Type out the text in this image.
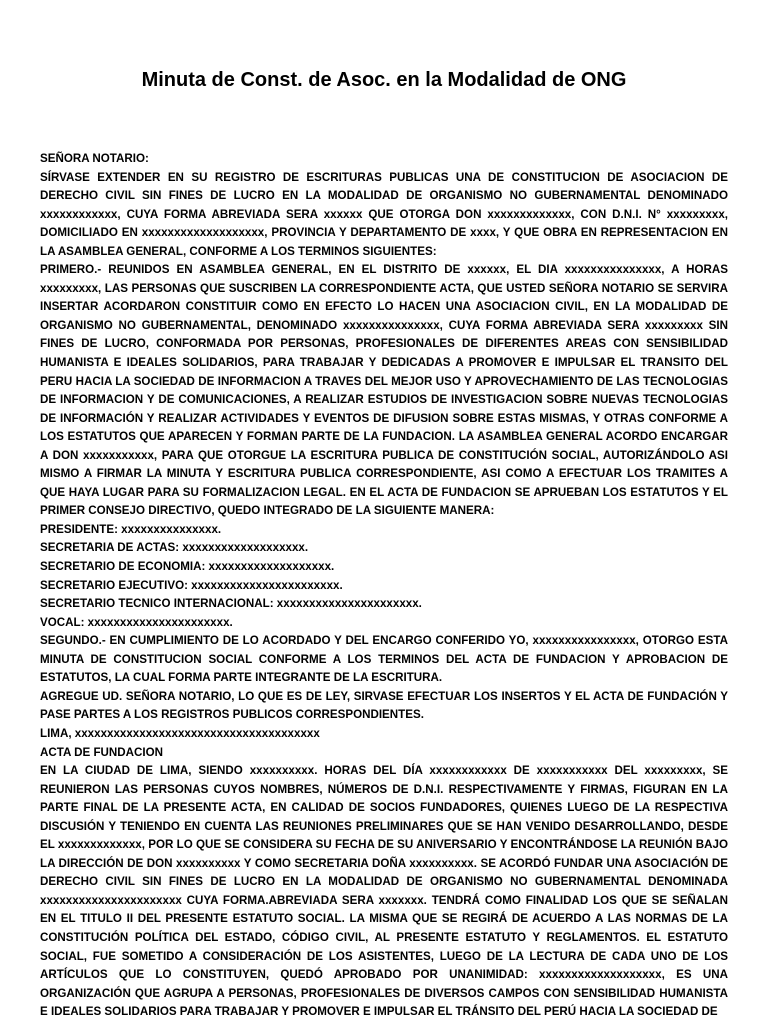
Minuta de Const. de Asoc. en la Modalidad de ONG

SEÑORA NOTARIO:

SÍRVASE EXTENDER EN SU REGISTRO DE ESCRITURAS PUBLICAS UNA DE CONSTITUCION DE ASOCIACION DE DERECHO CIVIL SIN FINES DE LUCRO EN LA MODALIDAD DE ORGANISMO NO GUBERNAMENTAL DENOMINADO xxxxxxxxxxxx, CUYA FORMA ABREVIADA SERA xxxxxx QUE OTORGA DON xxxxxxxxxxxxx, CON D.N.I. N° xxxxxxxxx, DOMICILIADO EN xxxxxxxxxxxxxxxxxxx, PROVINCIA Y DEPARTAMENTO DE xxxx, Y QUE OBRA EN REPRESENTACION EN LA ASAMBLEA GENERAL, CONFORME A LOS TERMINOS SIGUIENTES:

PRIMERO.- REUNIDOS EN ASAMBLEA GENERAL, EN EL DISTRITO DE xxxxxx, EL DIA xxxxxxxxxxxxxxx, A HORAS xxxxxxxxx, LAS PERSONAS QUE SUSCRIBEN LA CORRESPONDIENTE ACTA, QUE USTED SEÑORA NOTARIO SE SERVIRA INSERTAR ACORDARON CONSTITUIR COMO EN EFECTO LO HACEN UNA ASOCIACION CIVIL, EN LA MODALIDAD DE ORGANISMO NO GUBERNAMENTAL, DENOMINADO xxxxxxxxxxxxxxx, CUYA FORMA ABREVIADA SERA xxxxxxxxx SIN FINES DE LUCRO, CONFORMADA POR PERSONAS, PROFESIONALES DE DIFERENTES AREAS CON SENSIBILIDAD HUMANISTA E IDEALES SOLIDARIOS, PARA TRABAJAR Y DEDICADAS A PROMOVER E IMPULSAR EL TRANSITO DEL PERU HACIA LA SOCIEDAD DE INFORMACION A TRAVES DEL MEJOR USO Y APROVECHAMIENTO DE LAS TECNOLOGIAS DE INFORMACION Y DE COMUNICACIONES, A REALIZAR ESTUDIOS DE INVESTIGACION SOBRE NUEVAS TECNOLOGIAS DE INFORMACIÓN Y REALIZAR ACTIVIDADES Y EVENTOS DE DIFUSION SOBRE ESTAS MISMAS, Y OTRAS CONFORME A LOS ESTATUTOS QUE APARECEN Y FORMAN PARTE DE LA FUNDACION. LA ASAMBLEA GENERAL ACORDO ENCARGAR A DON xxxxxxxxxxx, PARA QUE OTORGUE LA ESCRITURA PUBLICA DE CONSTITUCIÓN SOCIAL, AUTORIZÁNDOLO ASI MISMO A FIRMAR LA MINUTA Y ESCRITURA PUBLICA CORRESPONDIENTE, ASI COMO A EFECTUAR LOS TRAMITES A QUE HAYA LUGAR PARA SU FORMALIZACION LEGAL. EN EL ACTA DE FUNDACION SE APRUEBAN LOS ESTATUTOS Y EL PRIMER CONSEJO DIRECTIVO, QUEDO INTEGRADO DE LA SIGUIENTE MANERA:

PRESIDENTE: xxxxxxxxxxxxxxx.

SECRETARIA DE ACTAS: xxxxxxxxxxxxxxxxxxx.

SECRETARIO DE ECONOMIA: xxxxxxxxxxxxxxxxxxx.

SECRETARIO EJECUTIVO: xxxxxxxxxxxxxxxxxxxxxxx.

SECRETARIO TECNICO INTERNACIONAL: xxxxxxxxxxxxxxxxxxxxxx.

VOCAL: xxxxxxxxxxxxxxxxxxxxxx.

SEGUNDO.- EN CUMPLIMIENTO DE LO ACORDADO Y DEL ENCARGO CONFERIDO YO, xxxxxxxxxxxxxxxx, OTORGO ESTA MINUTA DE CONSTITUCION SOCIAL CONFORME A LOS TERMINOS DEL ACTA DE FUNDACION Y APROBACION DE ESTATUTOS, LA CUAL FORMA PARTE INTEGRANTE DE LA ESCRITURA.

AGREGUE UD. SEÑORA NOTARIO, LO QUE ES DE LEY, SIRVASE EFECTUAR LOS INSERTOS Y EL ACTA DE FUNDACIÓN Y PASE PARTES A LOS REGISTROS PUBLICOS CORRESPONDIENTES.

LIMA, xxxxxxxxxxxxxxxxxxxxxxxxxxxxxxxxxxxxxx

ACTA DE FUNDACION

EN LA CIUDAD DE LIMA, SIENDO xxxxxxxxxx. HORAS DEL DÍA xxxxxxxxxxxx DE xxxxxxxxxxx DEL xxxxxxxxx, SE REUNIERON LAS PERSONAS CUYOS NOMBRES, NÚMEROS DE D.N.I. RESPECTIVAMENTE Y FIRMAS, FIGURAN EN LA PARTE FINAL DE LA PRESENTE ACTA, EN CALIDAD DE SOCIOS FUNDADORES, QUIENES LUEGO DE LA RESPECTIVA DISCUSIÓN Y TENIENDO EN CUENTA LAS REUNIONES PRELIMINARES QUE SE HAN VENIDO DESARROLLANDO, DESDE EL xxxxxxxxxxxxx, POR LO QUE SE CONSIDERA SU FECHA DE SU ANIVERSARIO Y ENCONTRÁNDOSE LA REUNIÓN BAJO LA DIRECCIÓN DE DON xxxxxxxxxx Y COMO SECRETARIA DOÑA xxxxxxxxxx. SE ACORDÓ FUNDAR UNA ASOCIACIÓN DE DERECHO CIVIL SIN FINES DE LUCRO EN LA MODALIDAD DE ORGANISMO NO GUBERNAMENTAL DENOMINADA xxxxxxxxxxxxxxxxxxxxxx CUYA FORMA.ABREVIADA SERA xxxxxxx. TENDRÁ COMO FINALIDAD LOS QUE SE SEÑALAN EN EL TITULO II DEL PRESENTE ESTATUTO SOCIAL. LA MISMA QUE SE REGIRÁ DE ACUERDO A LAS NORMAS DE LA CONSTITUCIÓN POLÍTICA DEL ESTADO, CÓDIGO CIVIL, AL PRESENTE ESTATUTO Y REGLAMENTOS. EL ESTATUTO SOCIAL, FUE SOMETIDO A CONSIDERACIÓN DE LOS ASISTENTES, LUEGO DE LA LECTURA DE CADA UNO DE LOS ARTÍCULOS QUE LO CONSTITUYEN, QUEDÓ APROBADO POR UNANIMIDAD: xxxxxxxxxxxxxxxxxxx, ES UNA ORGANIZACIÓN QUE AGRUPA A PERSONAS, PROFESIONALES DE DIVERSOS CAMPOS CON SENSIBILIDAD HUMANISTA E IDEALES SOLIDARIOS PARA TRABAJAR Y PROMOVER E IMPULSAR EL TRÁNSITO DEL PERÚ HACIA LA SOCIEDAD DE
